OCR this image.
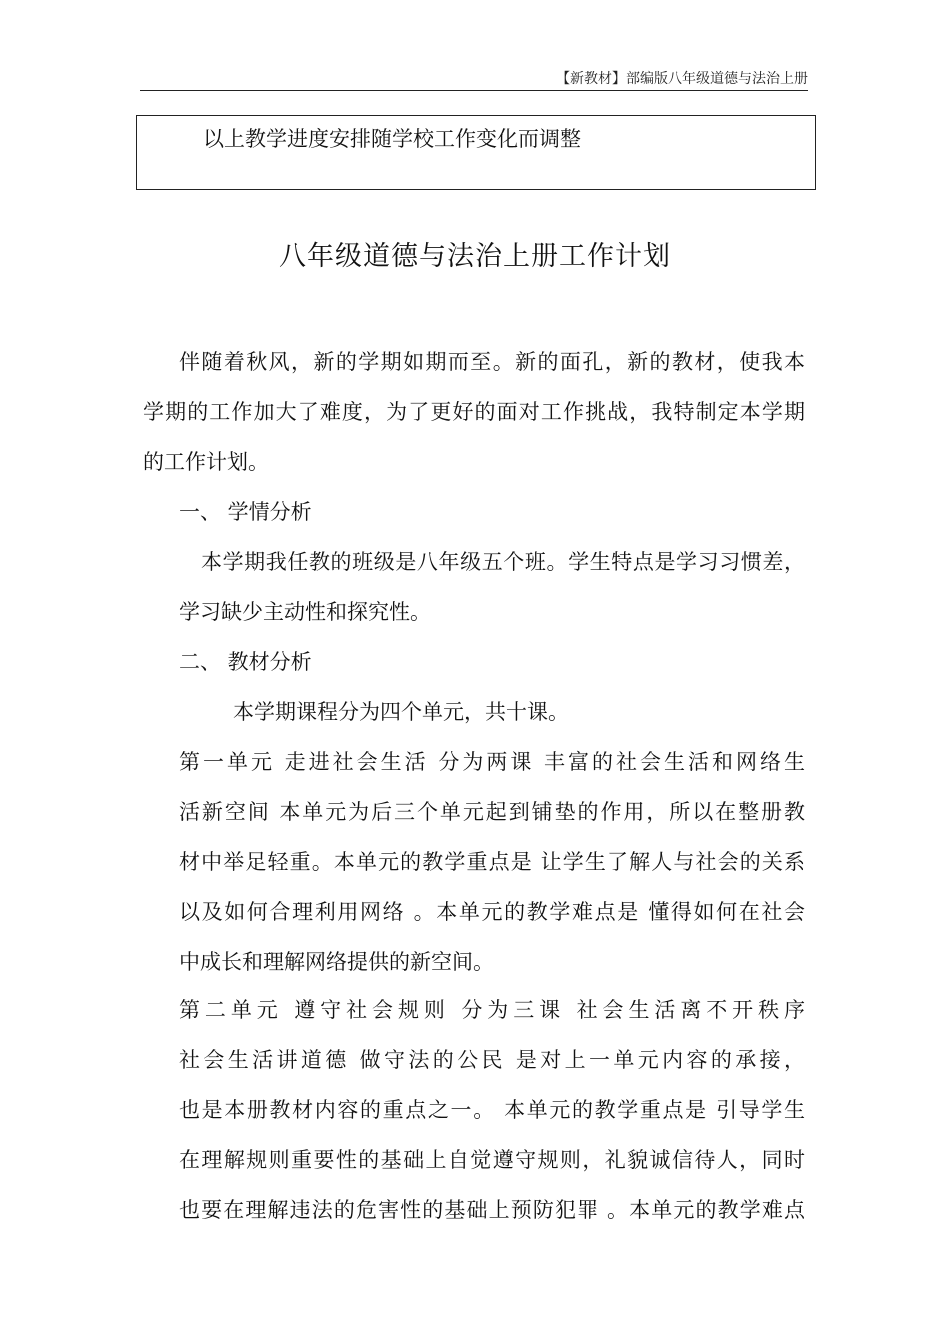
【新教材】部编版八年级道德与法治上册
以上教学进度安排随学校工作变化而调整
八年级道德与法治上册工作计划
伴随着秋风，新的学期如期而至。新的面孔，新的教材，使我本
学期的工作加大了难度，为了更好的面对工作挑战，我特制定本学期
的工作计划。
一、 学情分析
本学期我任教的班级是八年级五个班。学生特点是学习习惯差，
学习缺少主动性和探究性。
二、 教材分析
本学期课程分为四个单元，共十课。
第一单元 走进社会生活 分为两课 丰富的社会生活和网络生
活新空间 本单元为后三个单元起到铺垫的作用，所以在整册教
材中举足轻重。本单元的教学重点是 让学生了解人与社会的关系
以及如何合理利用网络 。本单元的教学难点是 懂得如何在社会
中成长和理解网络提供的新空间。
第二单元 遵守社会规则 分为三课 社会生活离不开秩序
社会生活讲道德 做守法的公民 是对上一单元内容的承接，
也是本册教材内容的重点之一。 本单元的教学重点是 引导学生
在理解规则重要性的基础上自觉遵守规则，礼貌诚信待人，同时
也要在理解违法的危害性的基础上预防犯罪 。本单元的教学难点
